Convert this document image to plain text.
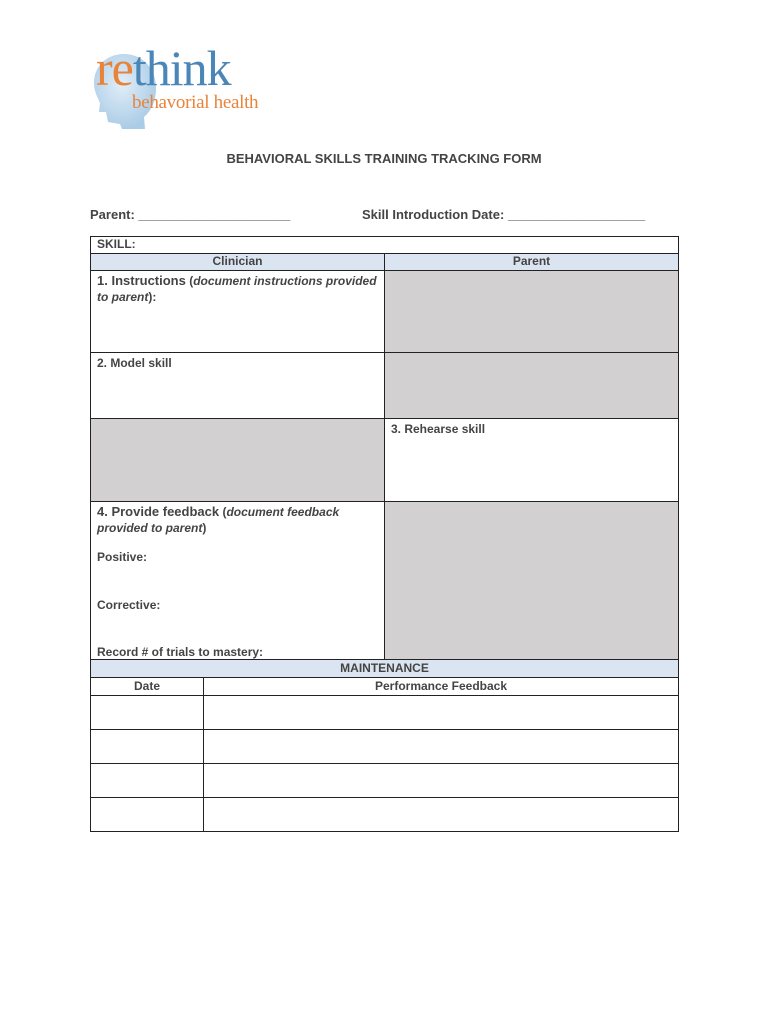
rethink
behavorial health
BEHAVIORAL SKILLS TRAINING TRACKING FORM
Parent: _____________________	Skill Introduction Date: ___________________
SKILL:	
Clinician	Parent

1. Instructions (document instructions provided to parent):	

2. Model skill	

	3. Rehearse skill

4. Provide feedback (document feedback provided to parent)
Positive:
Corrective:
Record # of trials to mastery:	

MAINTENANCE	
Date	Performance Feedback
